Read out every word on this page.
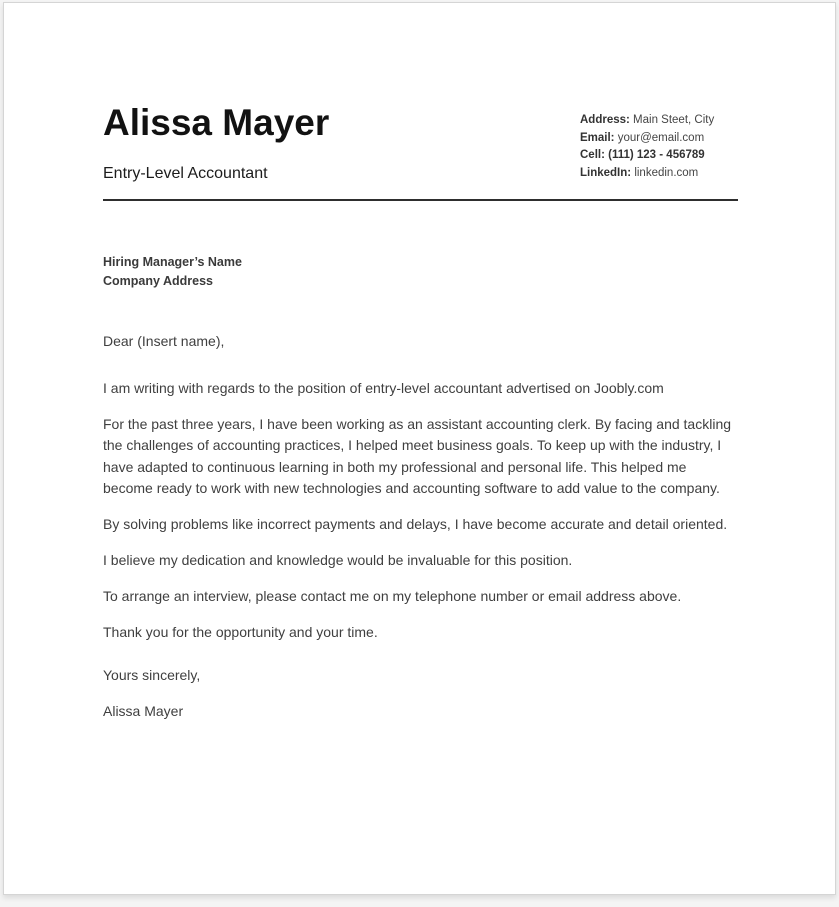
Alissa Mayer
Entry-Level Accountant
Address: Main Steet, City
Email: your@email.com
Cell: (111) 123 - 456789
LinkedIn: linkedin.com
Hiring Manager’s Name
Company Address
Dear (Insert name),

I am writing with regards to the position of entry-level accountant advertised on Joobly.com

For the past three years, I have been working as an assistant accounting clerk. By facing and tackling the challenges of accounting practices, I helped meet business goals. To keep up with the industry, I have adapted to continuous learning in both my professional and personal life. This helped me become ready to work with new technologies and accounting software to add value to the company.

By solving problems like incorrect payments and delays, I have become accurate and detail oriented.

I believe my dedication and knowledge would be invaluable for this position.

To arrange an interview, please contact me on my telephone number or email address above.

Thank you for the opportunity and your time.

Yours sincerely,
Alissa Mayer
